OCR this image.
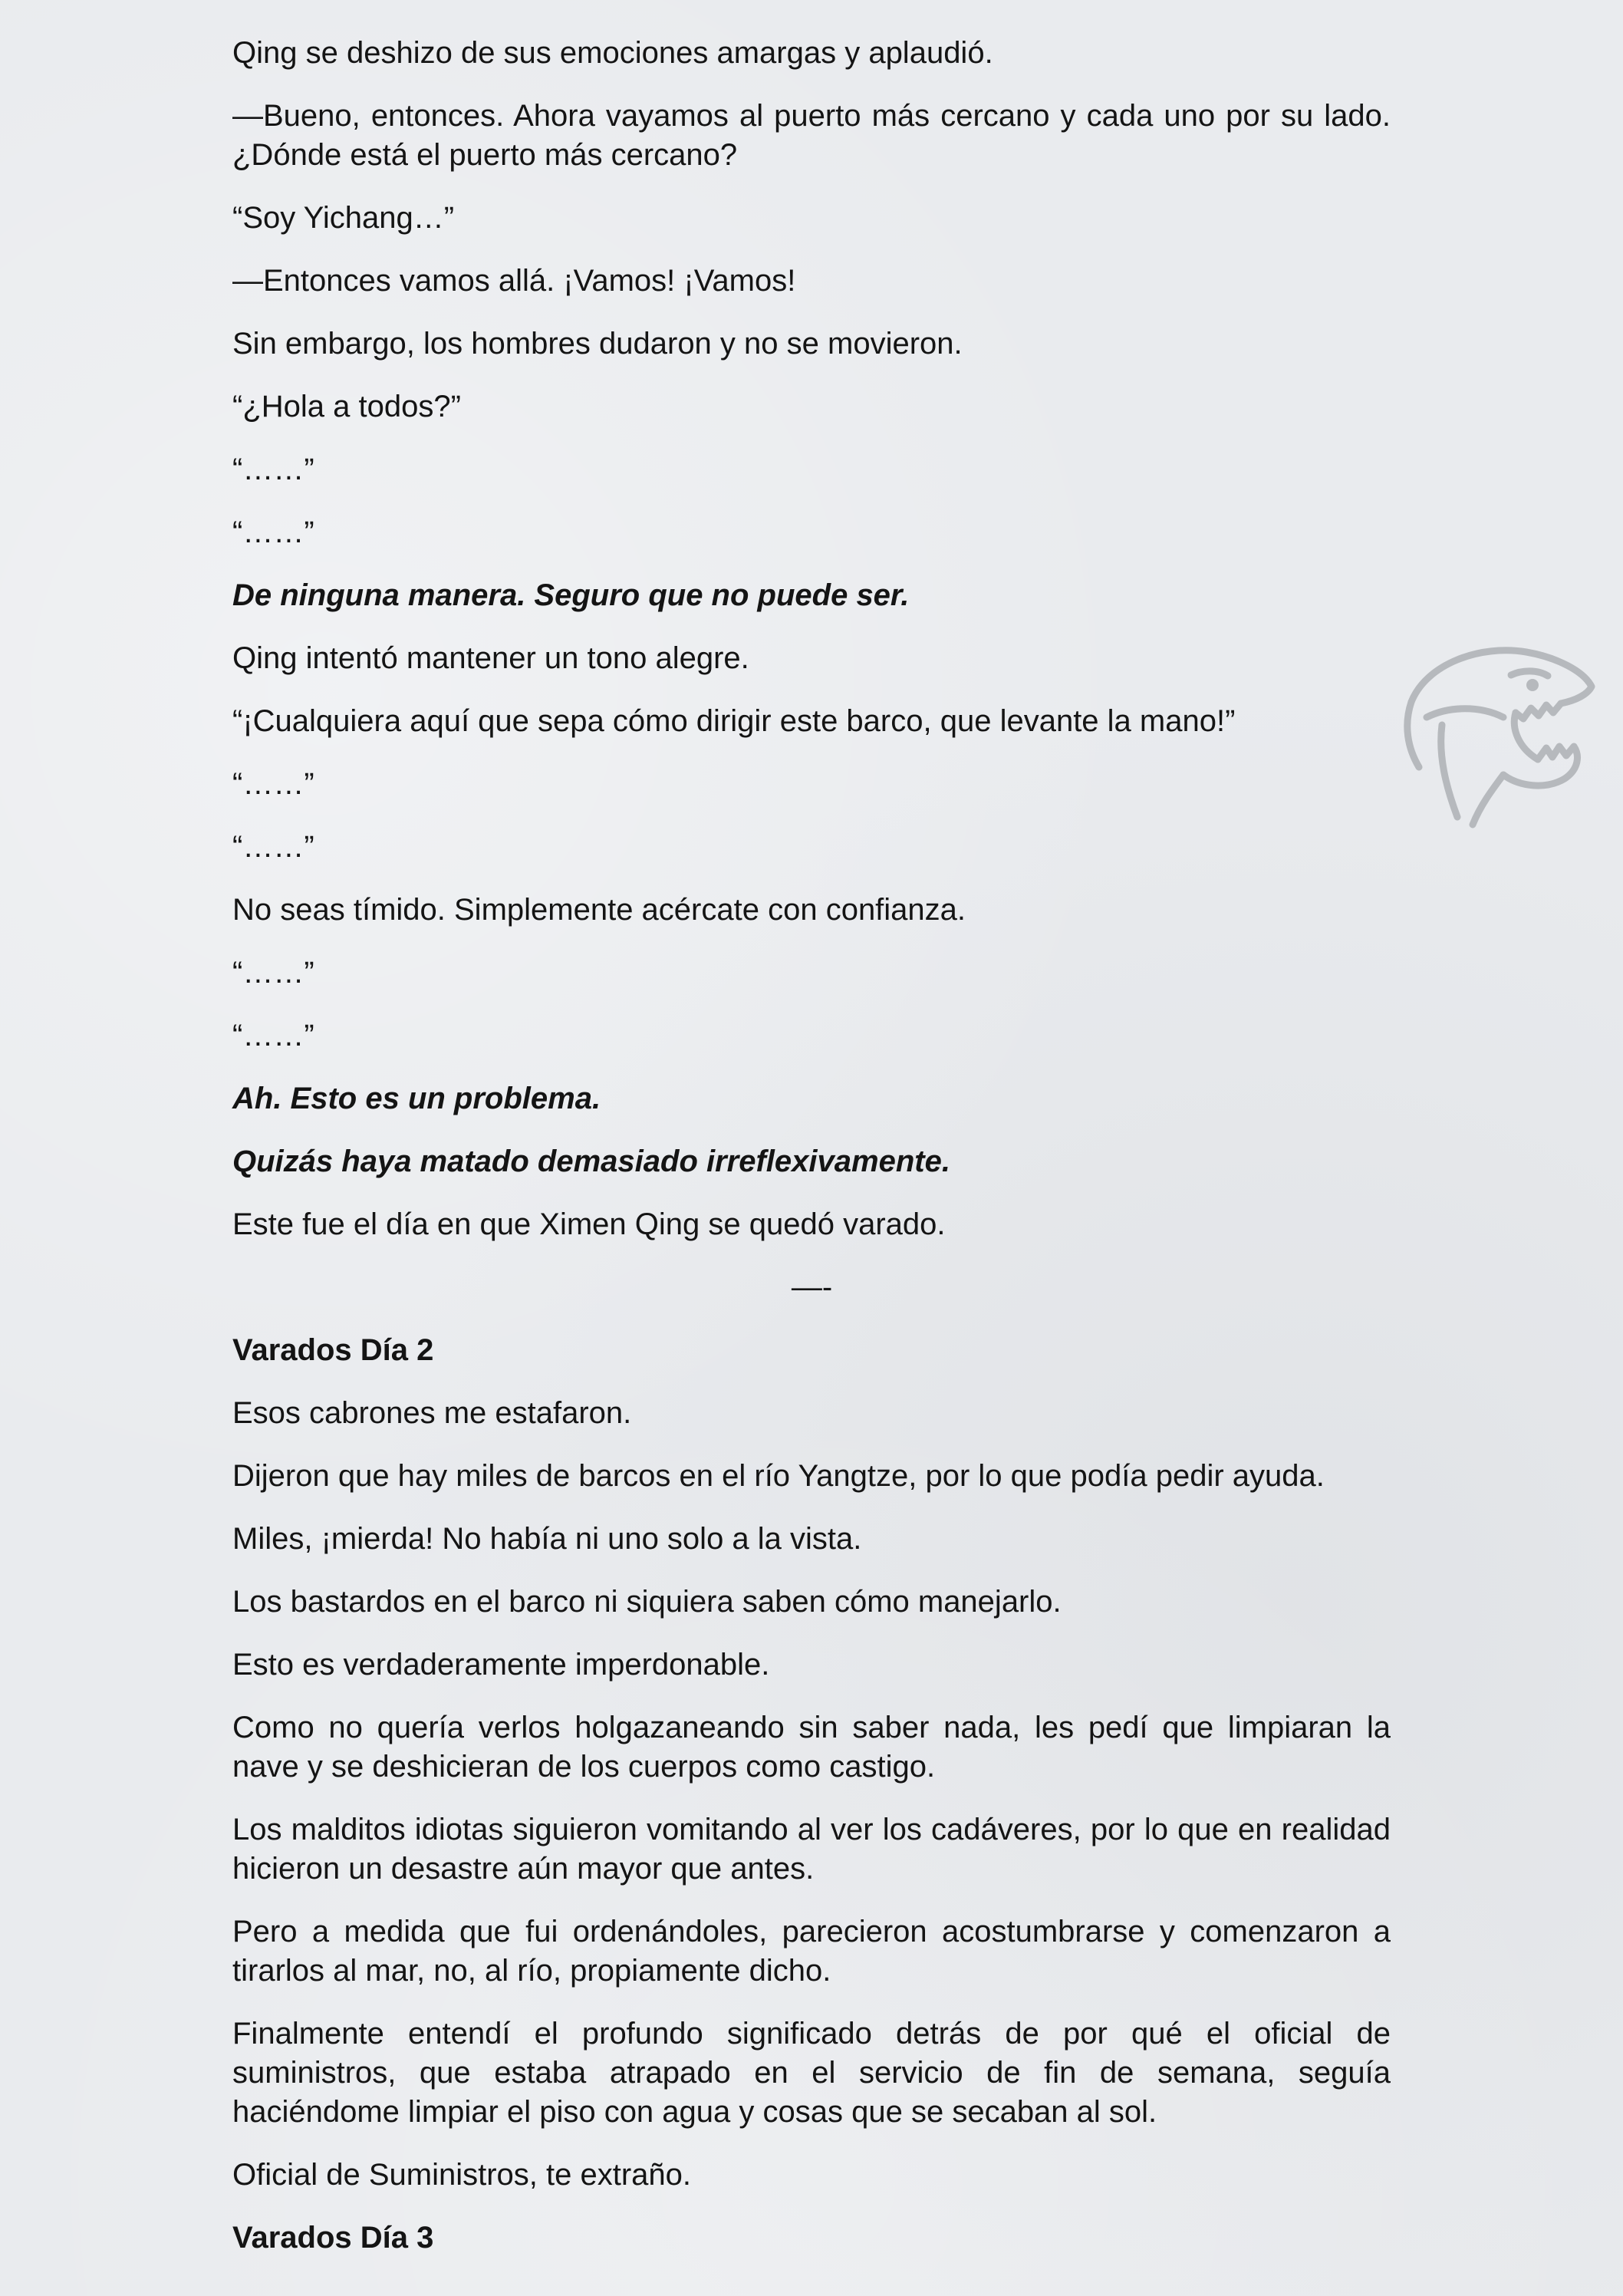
Qing se deshizo de sus emociones amargas y aplaudió.

—Bueno, entonces. Ahora vayamos al puerto más cercano y cada uno por su lado. ¿Dónde está el puerto más cercano?

“Soy Yichang…”

—Entonces vamos allá. ¡Vamos! ¡Vamos!

Sin embargo, los hombres dudaron y no se movieron.

“¿Hola a todos?”

“……”

“……”

De ninguna manera. Seguro que no puede ser.

Qing intentó mantener un tono alegre.

“¡Cualquiera aquí que sepa cómo dirigir este barco, que levante la mano!”

“……”

“……”

No seas tímido. Simplemente acércate con confianza.

“……”

“……”

Ah. Esto es un problema.

Quizás haya matado demasiado irreflexivamente.

Este fue el día en que Ximen Qing se quedó varado.

—-

Varados Día 2

Esos cabrones me estafaron.

Dijeron que hay miles de barcos en el río Yangtze, por lo que podía pedir ayuda.

Miles, ¡mierda! No había ni uno solo a la vista.

Los bastardos en el barco ni siquiera saben cómo manejarlo.

Esto es verdaderamente imperdonable.

Como no quería verlos holgazaneando sin saber nada, les pedí que limpiaran la nave y se deshicieran de los cuerpos como castigo.

Los malditos idiotas siguieron vomitando al ver los cadáveres, por lo que en realidad hicieron un desastre aún mayor que antes.

Pero a medida que fui ordenándoles, parecieron acostumbrarse y comenzaron a tirarlos al mar, no, al río, propiamente dicho.

Finalmente entendí el profundo significado detrás de por qué el oficial de suministros, que estaba atrapado en el servicio de fin de semana, seguía haciéndome limpiar el piso con agua y cosas que se secaban al sol.

Oficial de Suministros, te extraño.

Varados Día 3
